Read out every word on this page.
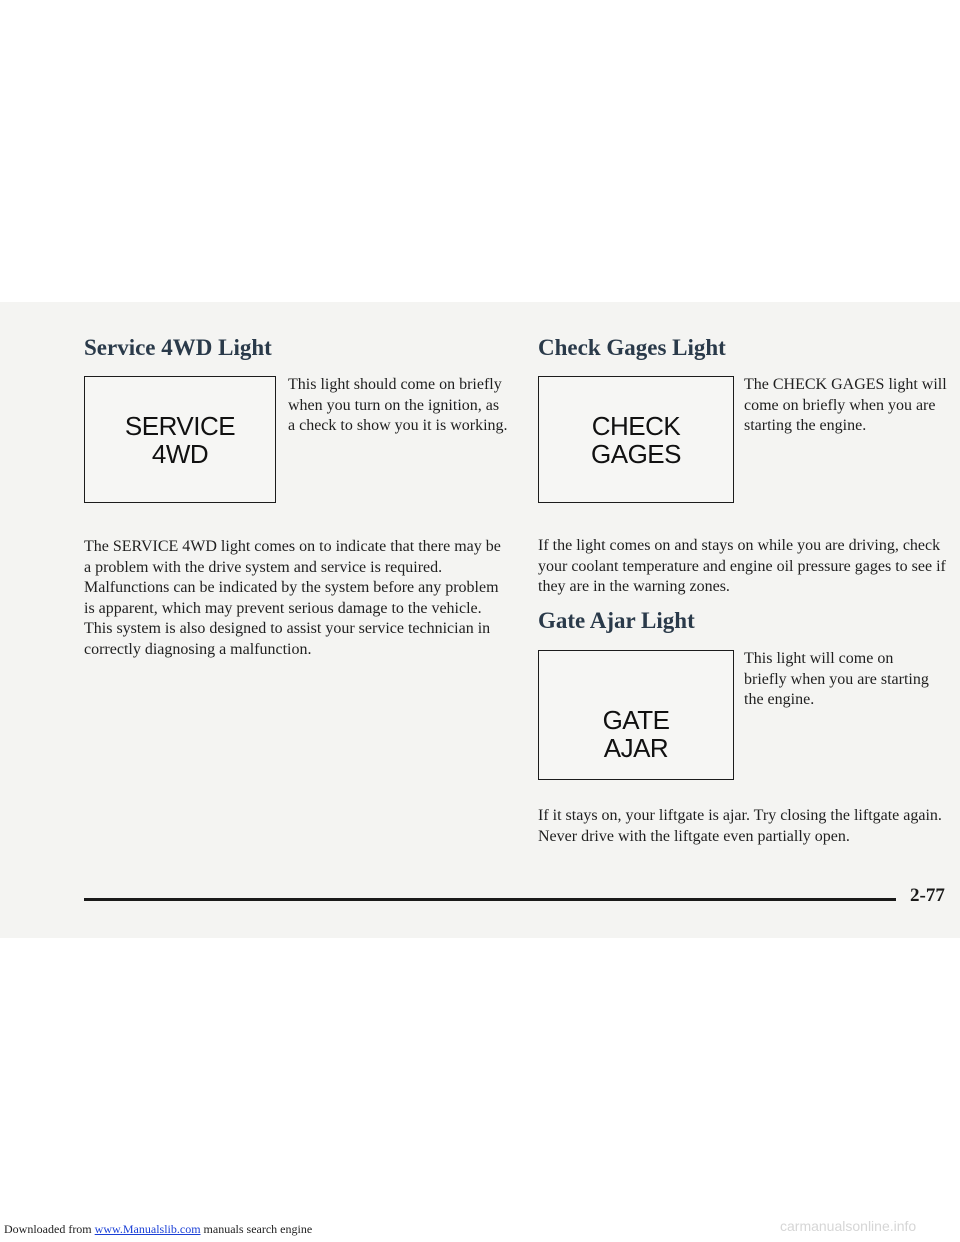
Service 4WD Light
SERVICE
4WD

This light should come on briefly when you turn on the ignition, as a check to show you it is working.

The SERVICE 4WD light comes on to indicate that there may be a problem with the drive system and service is required. Malfunctions can be indicated by the system before any problem is apparent, which may prevent serious damage to the vehicle. This system is also designed to assist your service technician in correctly diagnosing a malfunction.

Check Gages Light
CHECK
GAGES

The CHECK GAGES light will come on briefly when you are starting the engine.

If the light comes on and stays on while you are driving, check your coolant temperature and engine oil pressure gages to see if they are in the warning zones.

Gate Ajar Light
GATE
AJAR

This light will come on briefly when you are starting the engine.

If it stays on, your liftgate is ajar. Try closing the liftgate again. Never drive with the liftgate even partially open.

2-77
Downloaded from www.Manualslib.com manuals search engine	carmanualsonline.info
